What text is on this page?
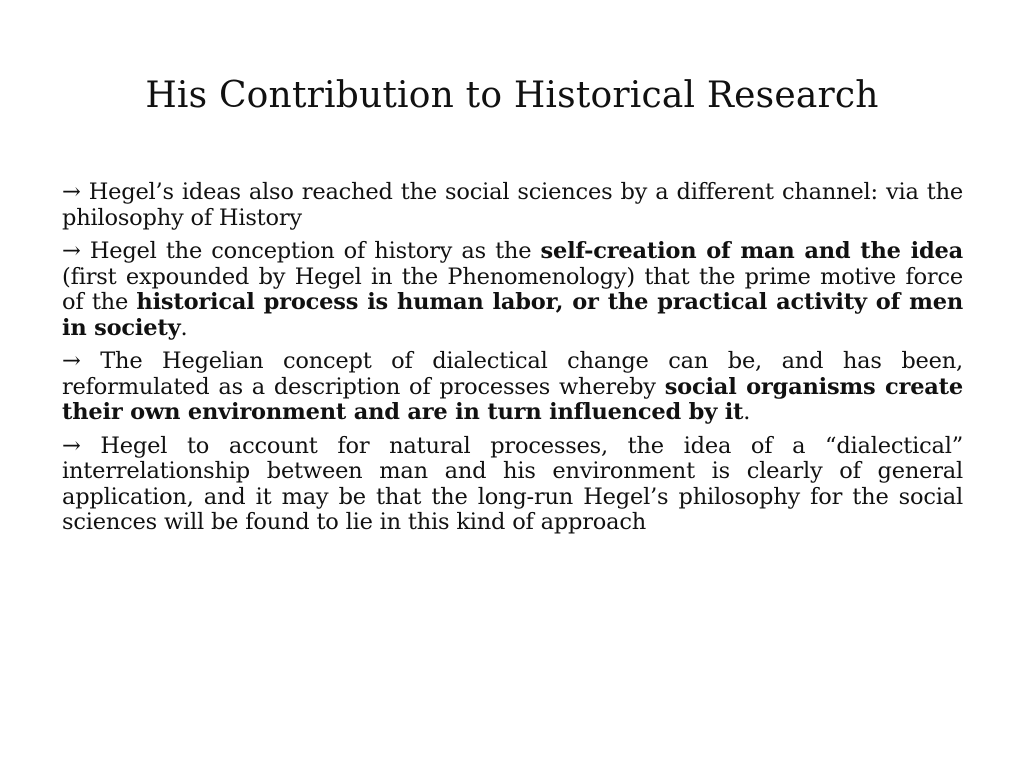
His Contribution to Historical Research

→ Hegel’s ideas also reached the social sciences by a different channel: via the philosophy of History

→ Hegel the conception of history as the self-creation of man and the idea (first expounded by Hegel in the Phenomenology) that the prime motive force of the historical process is human labor, or the practical activity of men in society.

→ The Hegelian concept of dialectical change can be, and has been, reformulated as a description of processes whereby social organisms create their own environment and are in turn influenced by it.

→ Hegel to account for natural processes, the idea of a “dialectical” interrelationship between man and his environment is clearly of general application, and it may be that the long-run Hegel’s philosophy for the social sciences will be found to lie in this kind of approach
